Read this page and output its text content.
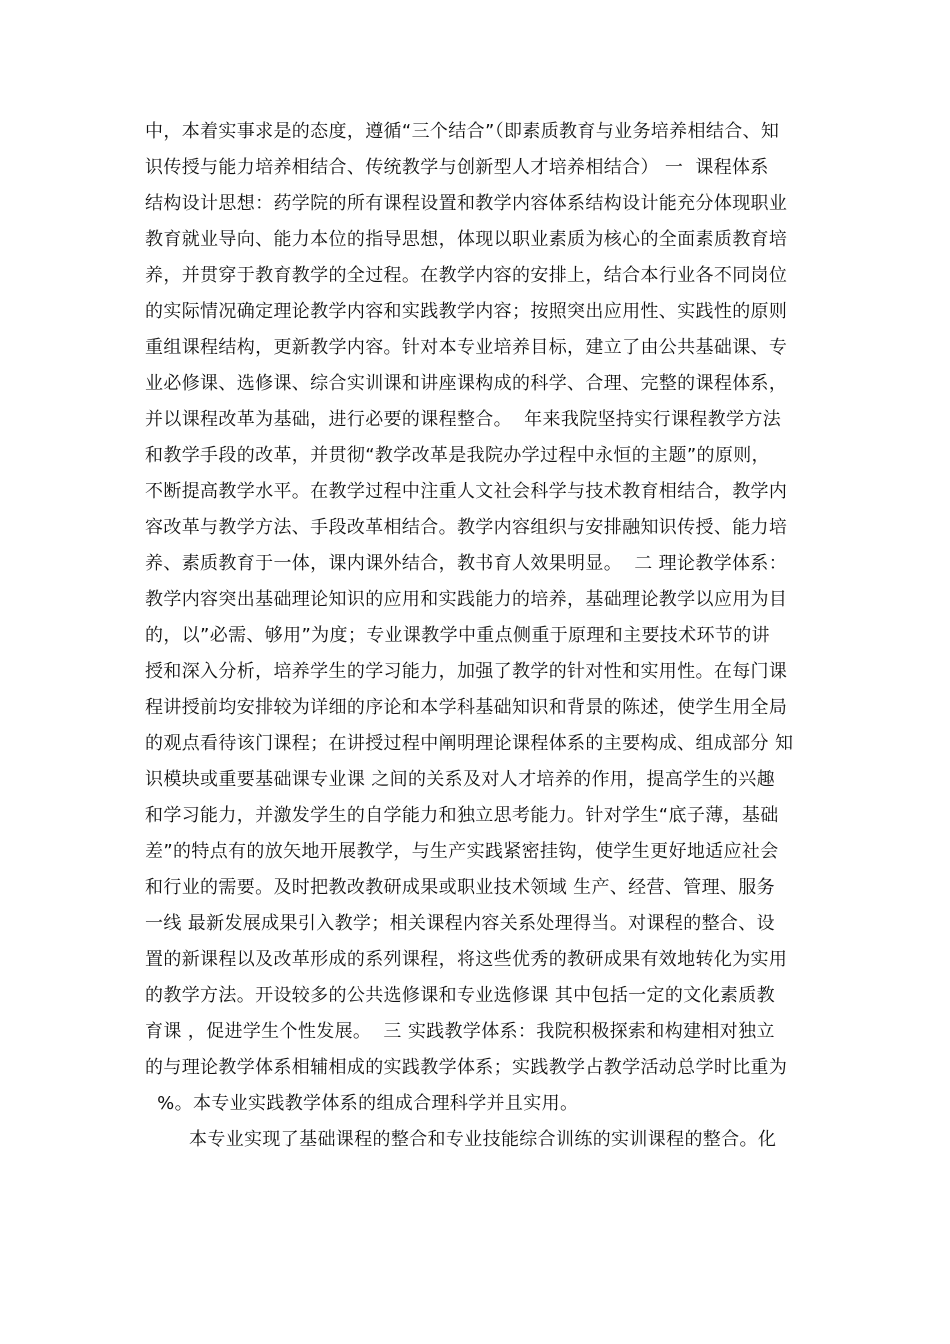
中，本着实事求是的态度，遵循“三个结合”（即素质教育与业务培养相结合、知
识传授与能力培养相结合、传统教学与创新型人才培养相结合） 一  课程体系
结构设计思想：药学院的所有课程设置和教学内容体系结构设计能充分体现职业
教育就业导向、能力本位的指导思想，体现以职业素质为核心的全面素质教育培
养，并贯穿于教育教学的全过程。在教学内容的安排上，结合本行业各不同岗位
的实际情况确定理论教学内容和实践教学内容；按照突出应用性、实践性的原则
重组课程结构，更新教学内容。针对本专业培养目标，建立了由公共基础课、专
业必修课、选修课、综合实训课和讲座课构成的科学、合理、完整的课程体系，
并以课程改革为基础，进行必要的课程整合。  年来我院坚持实行课程教学方法
和教学手段的改革，并贯彻“教学改革是我院办学过程中永恒的主题”的原则，
不断提高教学水平。在教学过程中注重人文社会科学与技术教育相结合，教学内
容改革与教学方法、手段改革相结合。教学内容组织与安排融知识传授、能力培
养、素质教育于一体，课内课外结合，教书育人效果明显。  二 理论教学体系：
教学内容突出基础理论知识的应用和实践能力的培养，基础理论教学以应用为目
的，以”必需、够用”为度；专业课教学中重点侧重于原理和主要技术环节的讲
授和深入分析，培养学生的学习能力，加强了教学的针对性和实用性。在每门课
程讲授前均安排较为详细的序论和本学科基础知识和背景的陈述，使学生用全局
的观点看待该门课程；在讲授过程中阐明理论课程体系的主要构成、组成部分 知
识模块或重要基础课专业课 之间的关系及对人才培养的作用，提高学生的兴趣
和学习能力，并激发学生的自学能力和独立思考能力。针对学生“底子薄，基础
差”的特点有的放矢地开展教学，与生产实践紧密挂钩，使学生更好地适应社会
和行业的需要。及时把教改教研成果或职业技术领域 生产、经营、管理、服务
一线 最新发展成果引入教学；相关课程内容关系处理得当。对课程的整合、设
置的新课程以及改革形成的系列课程，将这些优秀的教研成果有效地转化为实用
的教学方法。开设较多的公共选修课和专业选修课 其中包括一定的文化素质教
育课 ，促进学生个性发展。  三 实践教学体系：我院积极探索和构建相对独立
的与理论教学体系相辅相成的实践教学体系；实践教学占教学活动总学时比重为
%。本专业实践教学体系的组成合理科学并且实用。
本专业实现了基础课程的整合和专业技能综合训练的实训课程的整合。化
